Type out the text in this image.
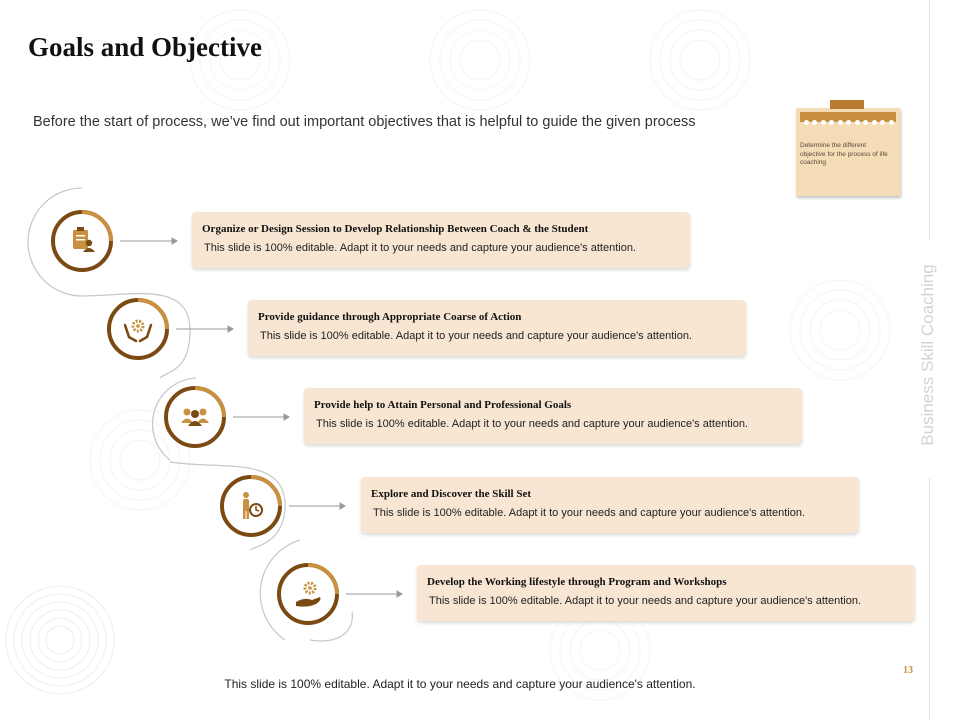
Goals and Objective
Before the start of process, we’ve find out important objectives that is helpful to guide the given process
Determine the different objective for the process of life coaching
Business Skill Coaching
Organize or Design Session to Develop Relationship Between Coach & the Student
This slide is 100% editable. Adapt it to your needs and capture your audience's attention.
Provide guidance through Appropriate Coarse of Action
This slide is 100% editable. Adapt it to your needs and capture your audience's attention.
Provide help to Attain Personal and Professional Goals
This slide is 100% editable. Adapt it to your needs and capture your audience's attention.
Explore and Discover the Skill Set
This slide is 100% editable. Adapt it to your needs and capture your audience's attention.
Develop the Working lifestyle through Program and Workshops
This slide is 100% editable. Adapt it to your needs and capture your audience's attention.
13
This slide is 100% editable. Adapt it to your needs and capture your audience's attention.
